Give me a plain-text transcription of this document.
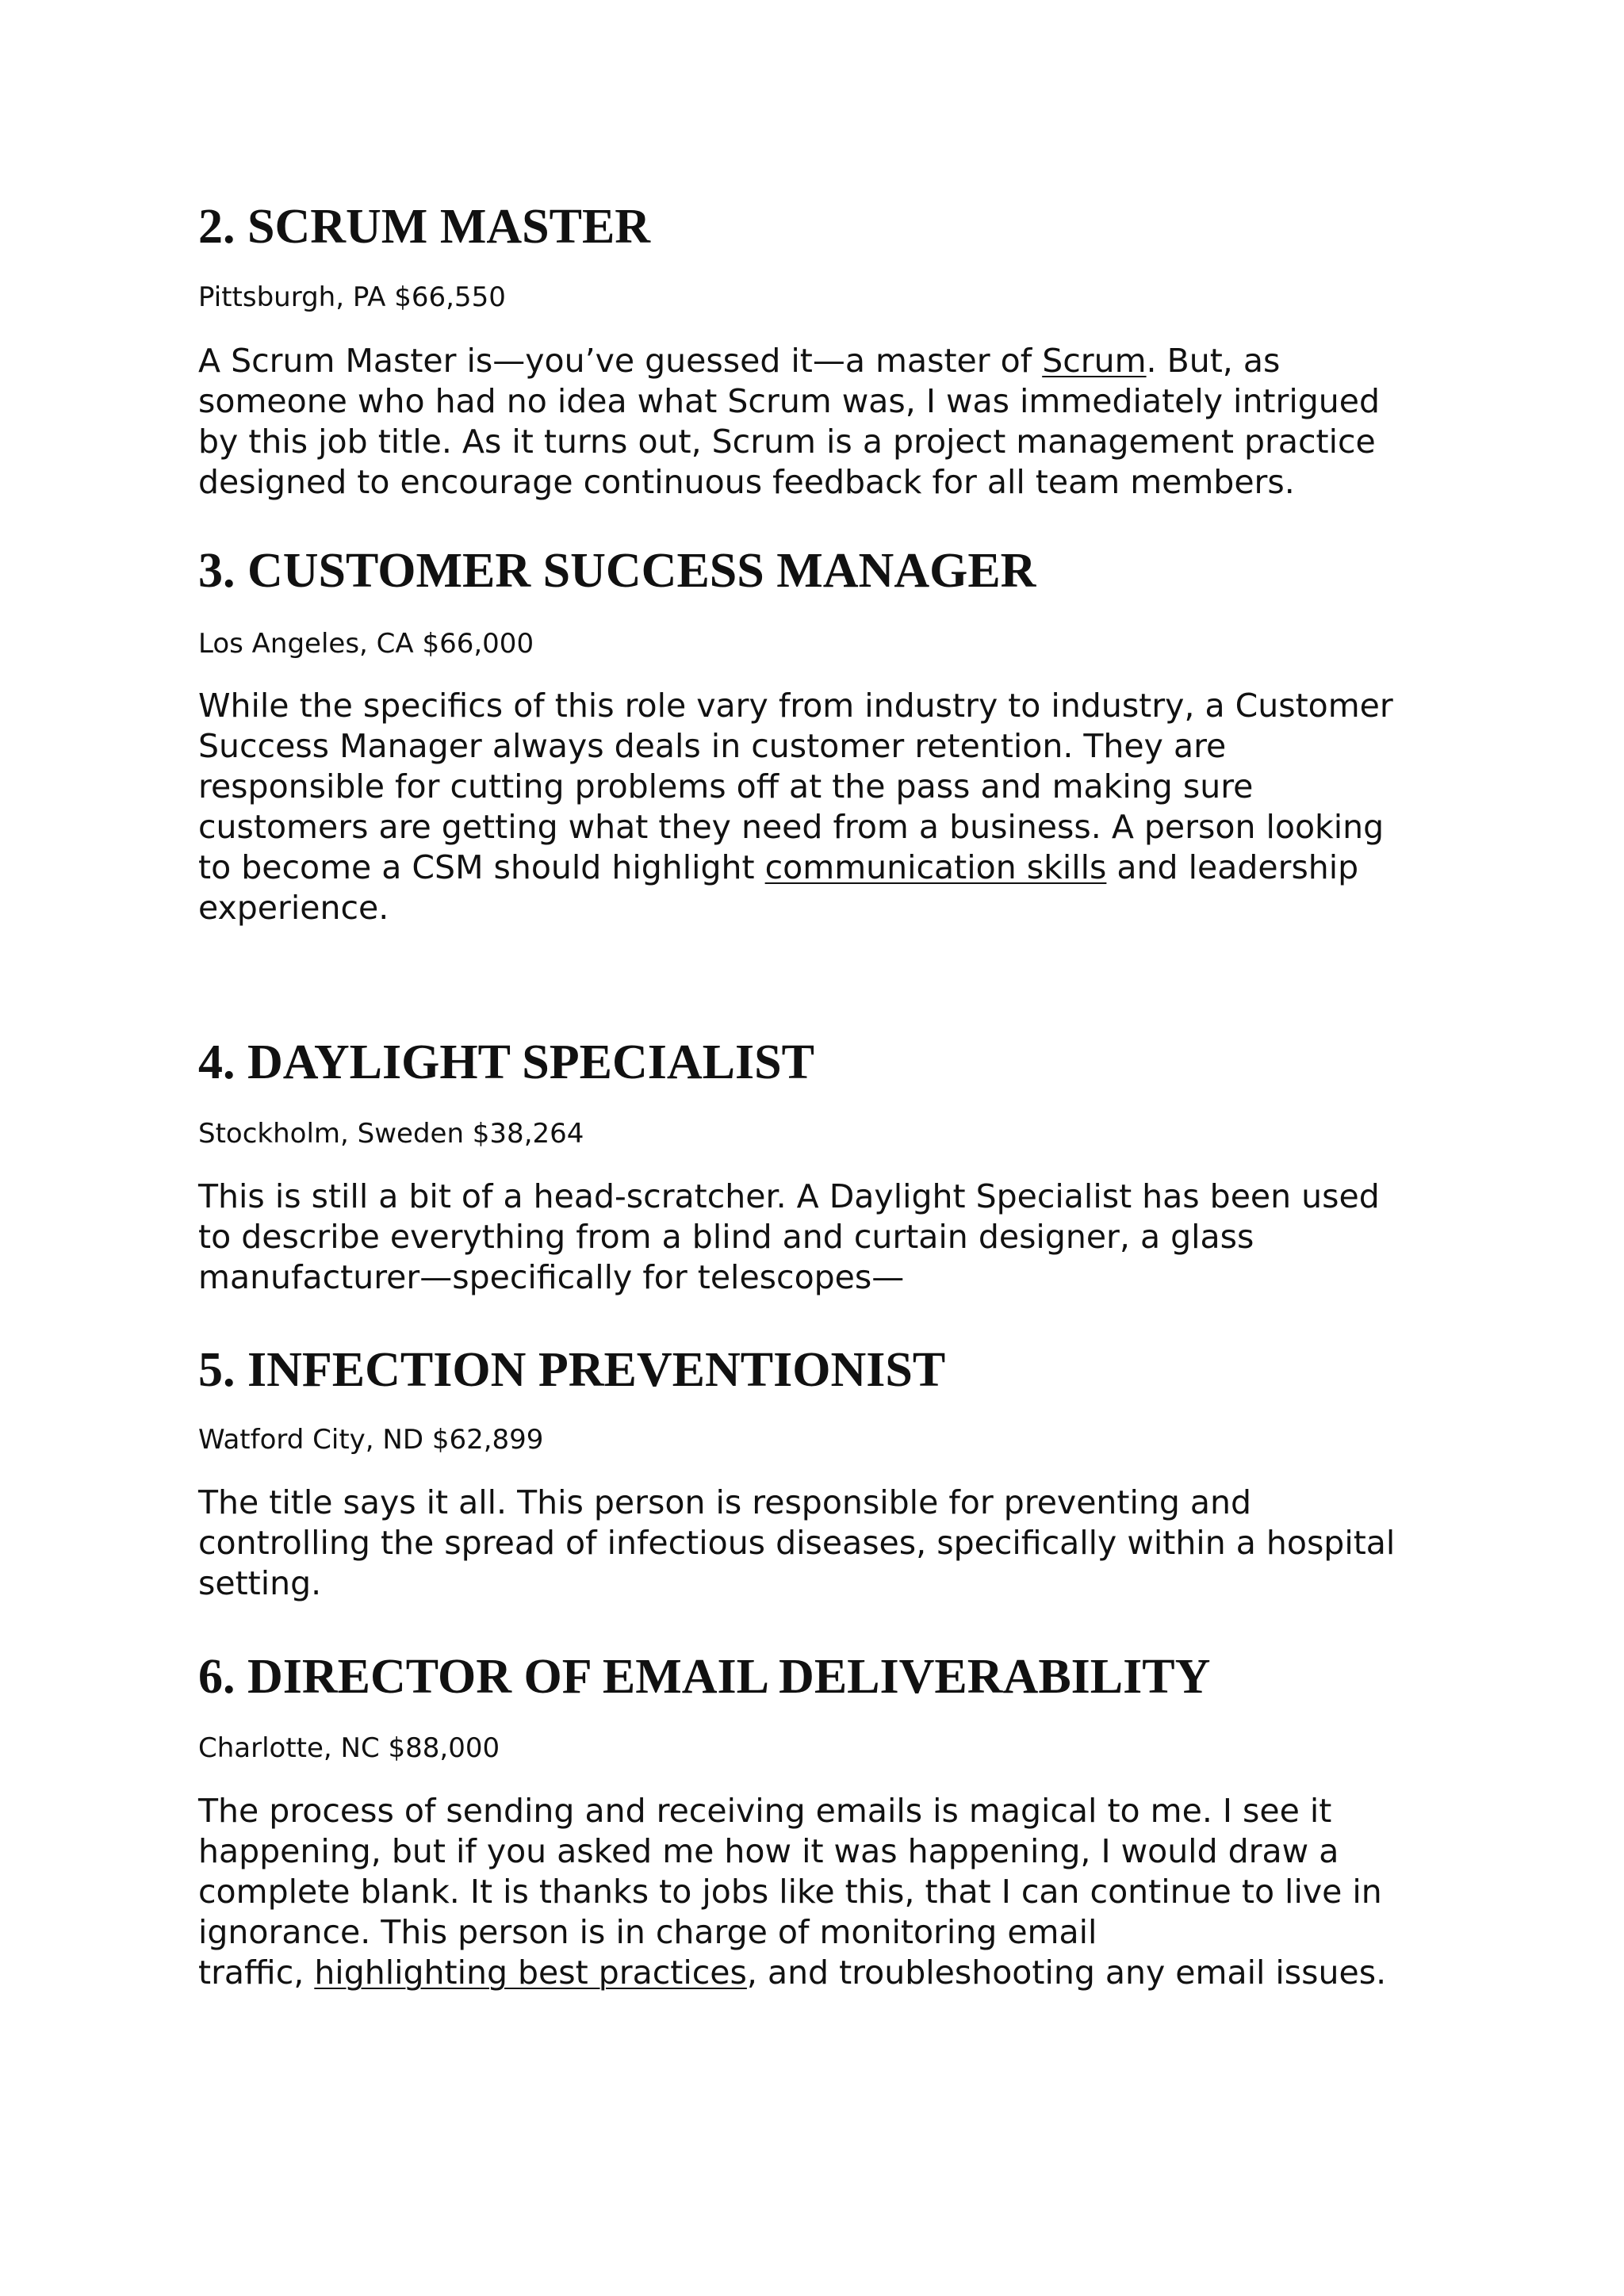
2. SCRUM MASTER
Pittsburgh, PA $66,550
A Scrum Master is—you’ve guessed it—a master of Scrum. But, as
someone who had no idea what Scrum was, I was immediately intrigued
by this job title. As it turns out, Scrum is a project management practice
designed to encourage continuous feedback for all team members.
3. CUSTOMER SUCCESS MANAGER
Los Angeles, CA $66,000
While the specifics of this role vary from industry to industry, a Customer
Success Manager always deals in customer retention. They are
responsible for cutting problems off at the pass and making sure
customers are getting what they need from a business. A person looking
to become a CSM should highlight communication skills and leadership
experience.
4. DAYLIGHT SPECIALIST
Stockholm, Sweden $38,264
This is still a bit of a head-scratcher. A Daylight Specialist has been used
to describe everything from a blind and curtain designer, a glass
manufacturer—specifically for telescopes—
5. INFECTION PREVENTIONIST
Watford City, ND $62,899
The title says it all. This person is responsible for preventing and
controlling the spread of infectious diseases, specifically within a hospital
setting.
6. DIRECTOR OF EMAIL DELIVERABILITY
Charlotte, NC $88,000
The process of sending and receiving emails is magical to me. I see it
happening, but if you asked me how it was happening, I would draw a
complete blank. It is thanks to jobs like this, that I can continue to live in
ignorance. This person is in charge of monitoring email
traffic, highlighting best practices, and troubleshooting any email issues.
